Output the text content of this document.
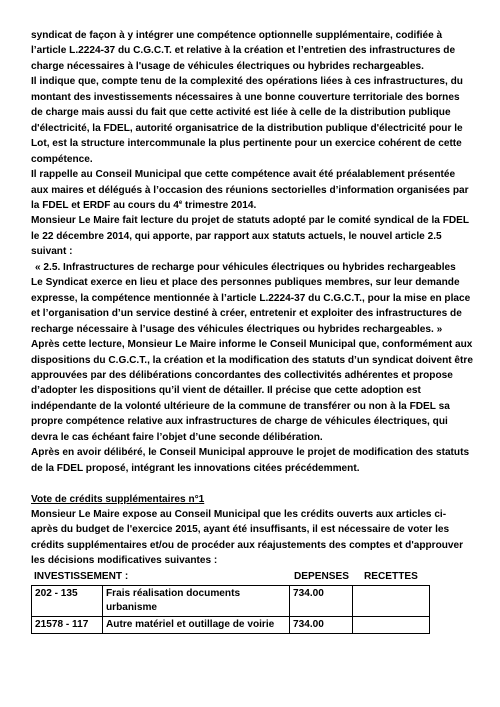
syndicat de façon à y intégrer une compétence optionnelle supplémentaire, codifiée à l’article L.2224-37 du C.G.C.T. et relative à la création et l’entretien des infrastructures de charge nécessaires à l'usage de véhicules électriques ou hybrides rechargeables.

Il indique que, compte tenu de la complexité des opérations liées à ces infrastructures, du montant des investissements nécessaires à une bonne couverture territoriale des bornes de charge mais aussi du fait que cette activité est liée à celle de la distribution publique d'électricité, la FDEL, autorité organisatrice de la distribution publique d'électricité pour le Lot, est la structure intercommunale la plus pertinente pour un exercice cohérent de cette compétence.

Il rappelle au Conseil Municipal que cette compétence avait été préalablement présentée aux maires et délégués à l’occasion des réunions sectorielles d’information organisées par la FDEL et ERDF au cours du 4e trimestre 2014.

Monsieur Le Maire fait lecture du projet de statuts adopté par le comité syndical de la FDEL le 22 décembre 2014, qui apporte, par rapport aux statuts actuels, le nouvel article 2.5 suivant :

« 2.5. Infrastructures de recharge pour véhicules électriques ou hybrides rechargeables

Le Syndicat exerce en lieu et place des personnes publiques membres, sur leur demande expresse, la compétence mentionnée à l’article L.2224-37 du C.G.C.T., pour la mise en place et l’organisation d’un service destiné à créer, entretenir et exploiter des infrastructures de recharge nécessaire à l’usage des véhicules électriques ou hybrides rechargeables. »

Après cette lecture, Monsieur Le Maire informe le Conseil Municipal que, conformément aux dispositions du C.G.C.T., la création et la modification des statuts d’un syndicat doivent être approuvées par des délibérations concordantes des collectivités adhérentes et propose d’adopter les dispositions qu’il vient de détailler. Il précise que cette adoption est indépendante de la volonté ultérieure de la commune de transférer ou non à la FDEL sa propre compétence relative aux infrastructures de charge de véhicules électriques, qui devra le cas échéant faire l’objet d’une seconde délibération.

Après en avoir délibéré, le Conseil Municipal approuve le projet de modification des statuts de la FDEL proposé, intégrant les innovations citées précédemment.

Vote de crédits supplémentaires n°1

Monsieur Le Maire expose au Conseil Municipal que les crédits ouverts aux articles ci-après du budget de l'exercice 2015, ayant été insuffisants, il est nécessaire de voter les crédits supplémentaires et/ou de procéder aux réajustements des comptes et d'approuver les décisions modificatives suivantes :

INVESTISSEMENT :	DEPENSES	RECETTES
202 - 135	Frais réalisation documents urbanisme	734.00	
21578 - 117	Autre matériel et outillage de voirie	734.00	
